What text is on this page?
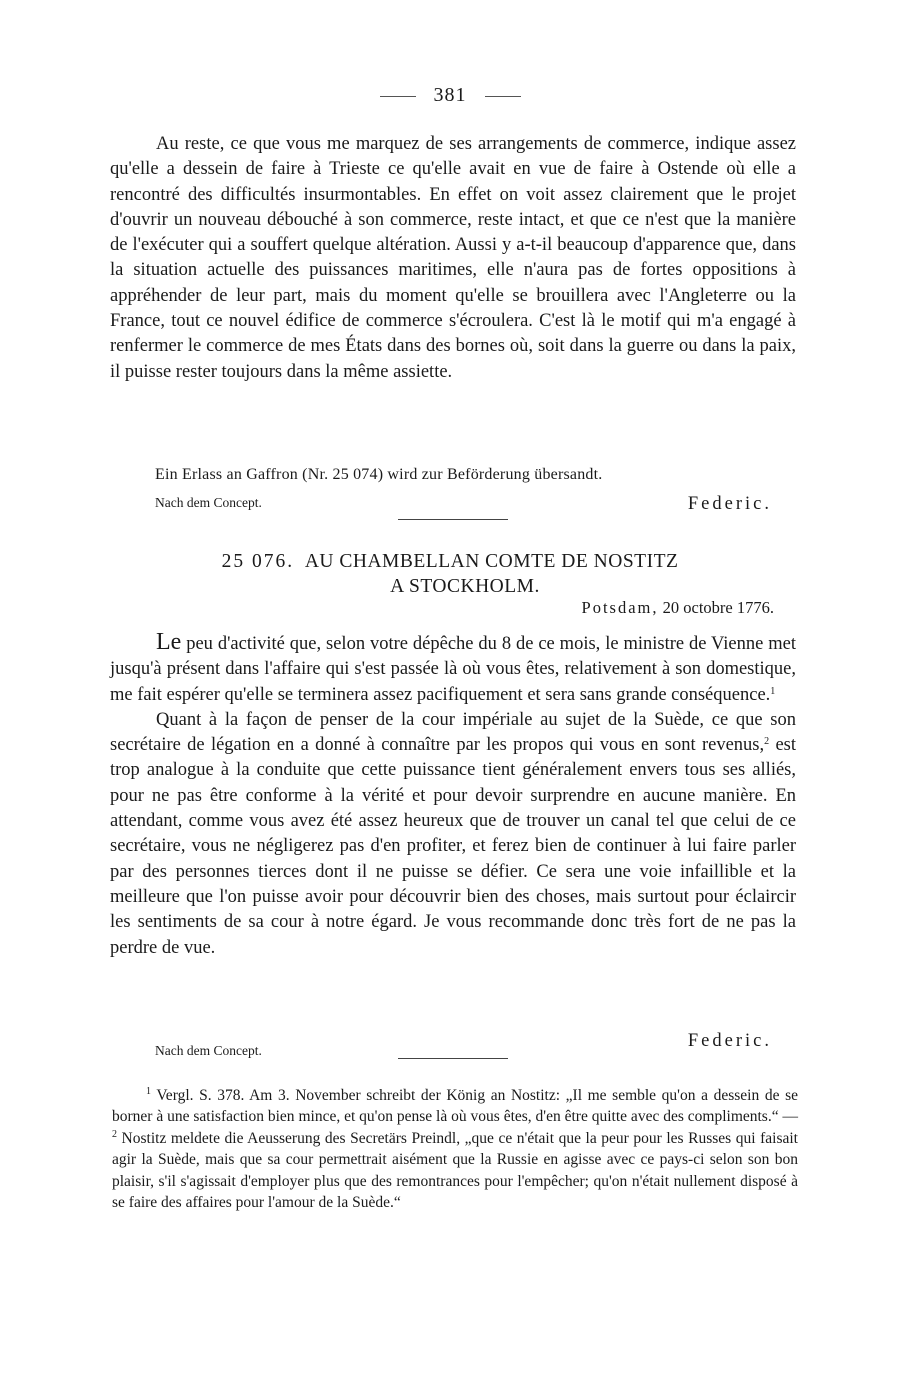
381

Au reste, ce que vous me marquez de ses arrangements de commerce, indique assez qu'elle a dessein de faire à Trieste ce qu'elle avait en vue de faire à Ostende où elle a rencontré des difficultés insurmontables. En effet on voit assez clairement que le projet d'ouvrir un nouveau débouché à son commerce, reste intact, et que ce n'est que la manière de l'exécuter qui a souffert quelque altération. Aussi y a-t-il beaucoup d'apparence que, dans la situation actuelle des puissances maritimes, elle n'aura pas de fortes oppositions à appréhender de leur part, mais du moment qu'elle se brouillera avec l'Angleterre ou la France, tout ce nouvel édifice de commerce s'écroulera. C'est là le motif qui m'a engagé à renfermer le commerce de mes États dans des bornes où, soit dans la guerre ou dans la paix, il puisse rester toujours dans la même assiette.

Ein Erlass an Gaffron (Nr. 25 074) wird zur Beförderung übersandt.
Nach dem Concept.	Federic.
25 076. AU CHAMBELLAN COMTE DE NOSTITZ
A STOCKHOLM.
Potsdam, 20 octobre 1776.

Le peu d'activité que, selon votre dépêche du 8 de ce mois, le ministre de Vienne met jusqu'à présent dans l'affaire qui s'est passée là où vous êtes, relativement à son domestique, me fait espérer qu'elle se terminera assez pacifiquement et sera sans grande conséquence.$^1$

Quant à la façon de penser de la cour impériale au sujet de la Suède, ce que son secrétaire de légation en a donné à connaître par les propos qui vous en sont revenus,$^2$ est trop analogue à la conduite que cette puissance tient généralement envers tous ses alliés, pour ne pas être conforme à la vérité et pour devoir surprendre en aucune manière. En attendant, comme vous avez été assez heureux que de trouver un canal tel que celui de ce secrétaire, vous ne négligerez pas d'en profiter, et ferez bien de continuer à lui faire parler par des personnes tierces dont il ne puisse se défier. Ce sera une voie infaillible et la meilleure que l'on puisse avoir pour découvrir bien des choses, mais surtout pour éclaircir les sentiments de sa cour à notre égard. Je vous recommande donc très fort de ne pas la perdre de vue.

Nach dem Concept.	Federic.

$^1$ Vergl. S. 378. Am 3. November schreibt der König an Nostitz: „Il me semble qu'on a dessein de se borner à une satisfaction bien mince, et qu'on pense là où vous êtes, d'en être quitte avec des compliments.“ — $^2$ Nostitz meldete die Aeusserung des Secretärs Preindl, „que ce n'était que la peur pour les Russes qui faisait agir la Suède, mais que sa cour permettrait aisément que la Russie en agisse avec ce pays-ci selon son bon plaisir, s'il s'agissait d'employer plus que des remontrances pour l'empêcher; qu'on n'était nullement disposé à se faire des affaires pour l'amour de la Suède.“
